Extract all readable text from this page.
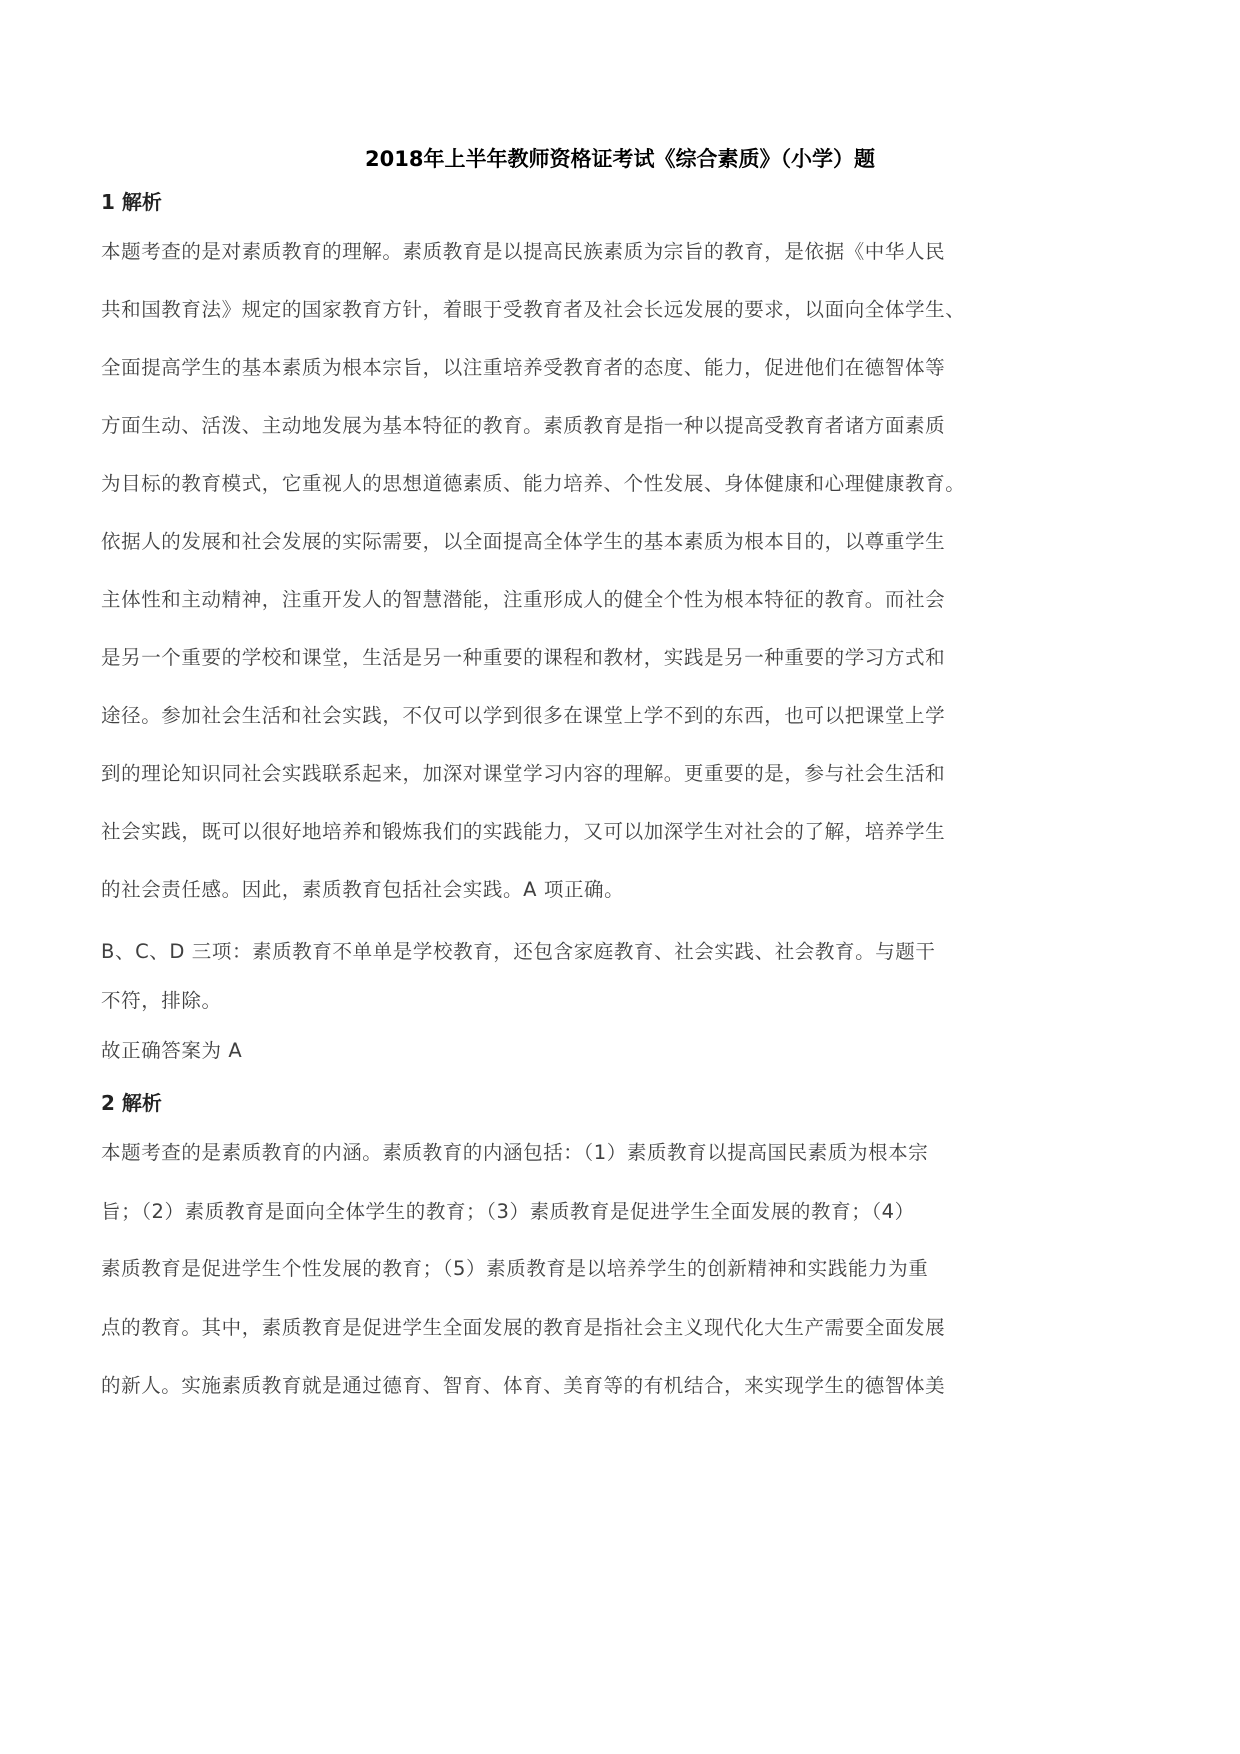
2018年上半年教师资格证考试《综合素质》（小学）题
1 解析
本题考查的是对素质教育的理解。素质教育是以提高民族素质为宗旨的教育，是依据《中华人民
共和国教育法》规定的国家教育方针，着眼于受教育者及社会长远发展的要求，以面向全体学生、
全面提高学生的基本素质为根本宗旨，以注重培养受教育者的态度、能力，促进他们在德智体等
方面生动、活泼、主动地发展为基本特征的教育。素质教育是指一种以提高受教育者诸方面素质
为目标的教育模式，它重视人的思想道德素质、能力培养、个性发展、身体健康和心理健康教育。
依据人的发展和社会发展的实际需要，以全面提高全体学生的基本素质为根本目的，以尊重学生
主体性和主动精神，注重开发人的智慧潜能，注重形成人的健全个性为根本特征的教育。而社会
是另一个重要的学校和课堂，生活是另一种重要的课程和教材，实践是另一种重要的学习方式和
途径。参加社会生活和社会实践，不仅可以学到很多在课堂上学不到的东西，也可以把课堂上学
到的理论知识同社会实践联系起来，加深对课堂学习内容的理解。更重要的是，参与社会生活和
社会实践，既可以很好地培养和锻炼我们的实践能力，又可以加深学生对社会的了解，培养学生
的社会责任感。因此，素质教育包括社会实践。A 项正确。
B、C、D 三项：素质教育不单单是学校教育，还包含家庭教育、社会实践、社会教育。与题干
不符，排除。
故正确答案为 A
2 解析
本题考查的是素质教育的内涵。素质教育的内涵包括：（1）素质教育以提高国民素质为根本宗
旨；（2）素质教育是面向全体学生的教育；（3）素质教育是促进学生全面发展的教育；（4）
素质教育是促进学生个性发展的教育；（5）素质教育是以培养学生的创新精神和实践能力为重
点的教育。其中，素质教育是促进学生全面发展的教育是指社会主义现代化大生产需要全面发展
的新人。实施素质教育就是通过德育、智育、体育、美育等的有机结合，来实现学生的德智体美
